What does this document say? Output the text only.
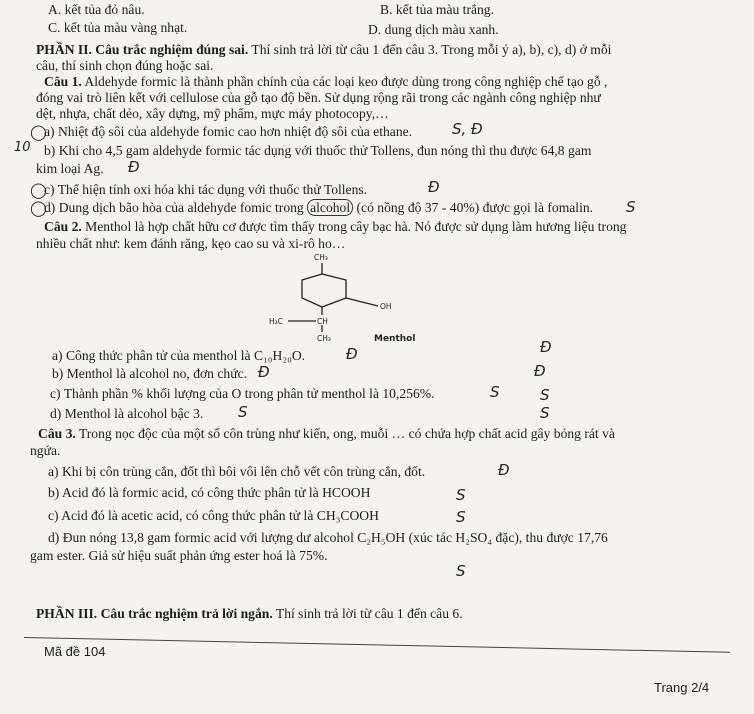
A. kết tủa đỏ nâu.	B. kết tủa màu trắng.
C. kết tủa màu vàng nhạt.	D. dung dịch màu xanh.
PHẦN II. Câu trắc nghiệm đúng sai. Thí sinh trả lời từ câu 1 đến câu 3. Trong mỗi ý a), b), c), d) ở mỗi
câu, thí sinh chọn đúng hoặc sai.
Câu 1. Aldehyde formic là thành phần chính của các loại keo được dùng trong công nghiệp chế tạo gỗ ,
đóng vai trò liên kết với cellulose của gỗ tạo độ bền. Sử dụng rộng rãi trong các ngành công nghiệp như
dệt, nhựa, chất dẻo, xây dựng, mỹ phẩm, mực máy photocopy,…
a) Nhiệt độ sôi của aldehyde fomic cao hơn nhiệt độ sôi của ethane.
b) Khi cho 4,5 gam aldehyde formic tác dụng với thuốc thử Tollens, đun nóng thì thu được 64,8 gam
kim loại Ag.
c) Thể hiện tính oxi hóa khi tác dụng với thuốc thử Tollens.
d) Dung dịch bão hòa của aldehyde fomic trong alcohol (có nồng độ 37 - 40%) được gọi là fomalin.
Câu 2. Menthol là hợp chất hữu cơ được tìm thấy trong cây bạc hà. Nó được sử dụng làm hương liệu trong
nhiều chất như: kem đánh răng, kẹo cao su và xi-rô ho…
CH₃
OH
H₃C	CH
CH₃	Menthol
a) Công thức phân tử của menthol là C₁₀H₂₀O.
b) Menthol là alcohol no, đơn chức.
c) Thành phần % khối lượng của O trong phân tử menthol là 10,256%.
d) Menthol là alcohol bậc 3.
Câu 3. Trong nọc độc của một số côn trùng như kiến, ong, muỗi … có chứa hợp chất acid gây bỏng rát và
ngứa.
a) Khi bị côn trùng cắn, đốt thì bôi vôi lên chỗ vết côn trùng cắn, đốt.
b) Acid đó là formic acid, có công thức phân tử là HCOOH
c) Acid đó là acetic acid, có công thức phân tử là CH₃COOH
d) Đun nóng 13,8 gam formic acid với lượng dư alcohol C₂H₅OH (xúc tác H₂SO₄ đặc), thu được 17,76
gam ester. Giả sử hiệu suất phản ứng ester hoá là 75%.
PHẦN III. Câu trắc nghiệm trả lời ngắn. Thí sinh trả lời từ câu 1 đến câu 6.
Mã đề 104
Trang 2/4
◯	S, Đ
10
Đ
◯	Đ
◯	S
Đ	Đ
Đ	Đ
S	S
S	S
Đ
S
S
S
